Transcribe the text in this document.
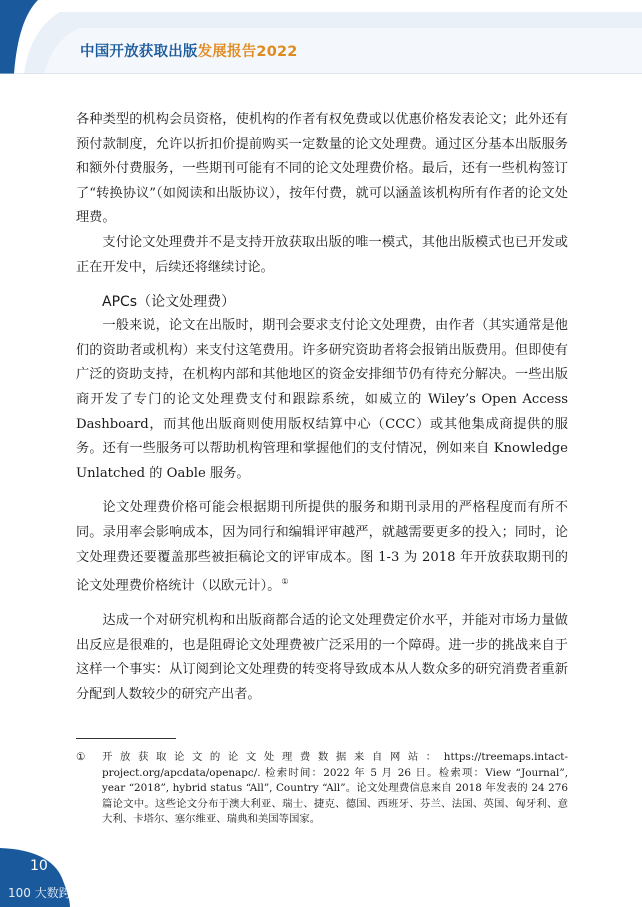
中国开放获取出版发展报告2022

各种类型的机构会员资格，使机构的作者有权免费或以优惠价格发表论文；此外还有预付款制度，允许以折扣价提前购买一定数量的论文处理费。通过区分基本出版服务和额外付费服务，一些期刊可能有不同的论文处理费价格。最后，还有一些机构签订了“转换协议”（如阅读和出版协议），按年付费，就可以涵盖该机构所有作者的论文处理费。

支付论文处理费并不是支持开放获取出版的唯一模式，其他出版模式也已开发或正在开发中，后续还将继续讨论。

APCs（论文处理费）

一般来说，论文在出版时，期刊会要求支付论文处理费，由作者（其实通常是他们的资助者或机构）来支付这笔费用。许多研究资助者将会报销出版费用。但即使有广泛的资助支持，在机构内部和其他地区的资金安排细节仍有待充分解决。一些出版商开发了专门的论文处理费支付和跟踪系统，如威立的 Wiley’s Open Access Dashboard，而其他出版商则使用版权结算中心（CCC）或其他集成商提供的服务。还有一些服务可以帮助机构管理和掌握他们的支付情况，例如来自 Knowledge Unlatched 的 Oable 服务。

论文处理费价格可能会根据期刊所提供的服务和期刊录用的严格程度而有所不同。录用率会影响成本，因为同行和编辑评审越严，就越需要更多的投入；同时，论文处理费还要覆盖那些被拒稿论文的评审成本。图 1-3 为 2018 年开放获取期刊的论文处理费价格统计（以欧元计）。①

达成一个对研究机构和出版商都合适的论文处理费定价水平，并能对市场力量做出反应是很难的，也是阻碍论文处理费被广泛采用的一个障碍。进一步的挑战来自于这样一个事实：从订阅到论文处理费的转变将导致成本从人数众多的研究消费者重新分配到人数较少的研究产出者。

① 开放获取论文的论文处理费数据来自网站：https://treemaps.intact-project.org/apcdata/openapc/. 检索时间：2022 年 5 月 26 日。检索项：View “Journal”, year “2018”, hybrid status “All”, Country “All”。论文处理费信息来自 2018 年发表的 24 276 篇论文中。这些论文分布于澳大利亚、瑞士、捷克、德国、西班牙、芬兰、法国、英国、匈牙利、意大利、卡塔尔、塞尔维亚、瑞典和美国等国家。
10
100 大数跨境
